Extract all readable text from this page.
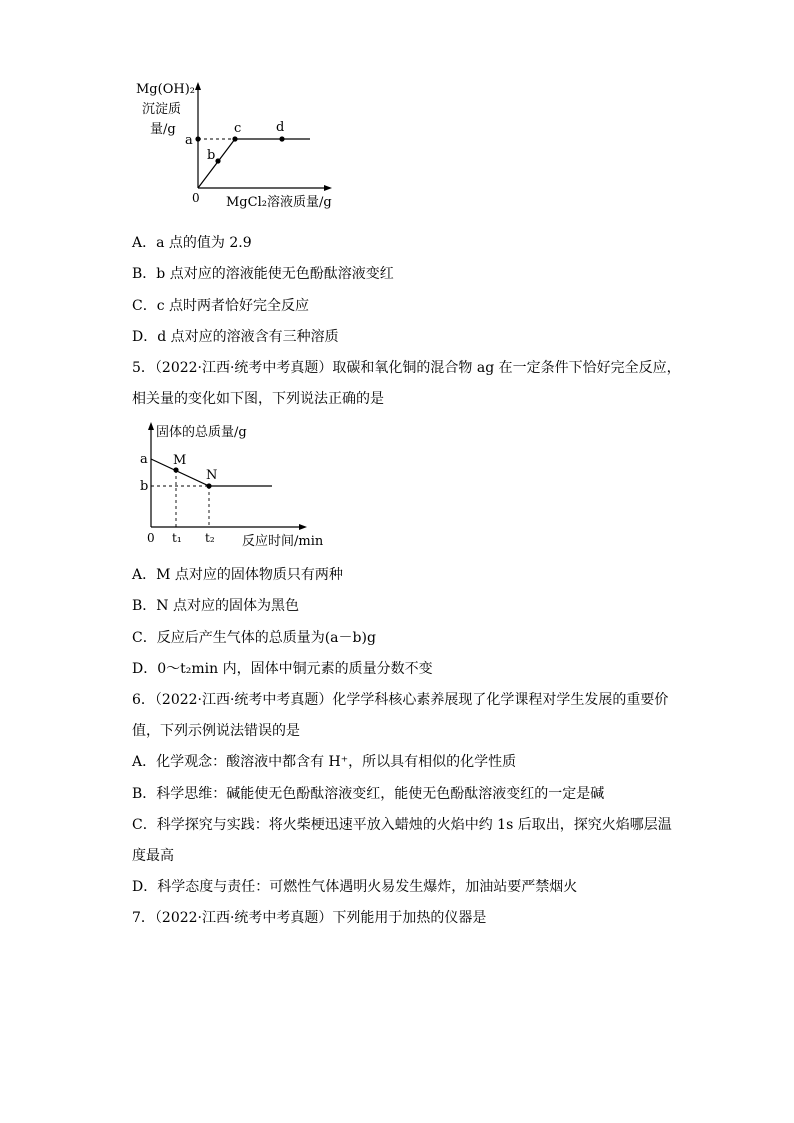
Mg(OH)₂
沉淀质
量/g
a
b
c	d
0 MgCl₂溶液质量/g
A．a 点的值为 2.9
B．b 点对应的溶液能使无色酚酞溶液变红
C．c 点时两者恰好完全反应
D．d 点对应的溶液含有三种溶质
5．（2022·江西·统考中考真题）取碳和氧化铜的混合物 ag 在一定条件下恰好完全反应，
相关量的变化如下图，下列说法正确的是
固体的总质量/g
a
b
M
N
0 t₁ t₂ 反应时间/min
A．M 点对应的固体物质只有两种
B．N 点对应的固体为黑色
C．反应后产生气体的总质量为(a－b)g
D．0～t₂min 内，固体中铜元素的质量分数不变
6．（2022·江西·统考中考真题）化学学科核心素养展现了化学课程对学生发展的重要价
值，下列示例说法错误的是
A．化学观念：酸溶液中都含有 H⁺，所以具有相似的化学性质
B．科学思维：碱能使无色酚酞溶液变红，能使无色酚酞溶液变红的一定是碱
C．科学探究与实践：将火柴梗迅速平放入蜡烛的火焰中约 1s 后取出，探究火焰哪层温
度最高
D．科学态度与责任：可燃性气体遇明火易发生爆炸，加油站要严禁烟火
7．（2022·江西·统考中考真题）下列能用于加热的仪器是
